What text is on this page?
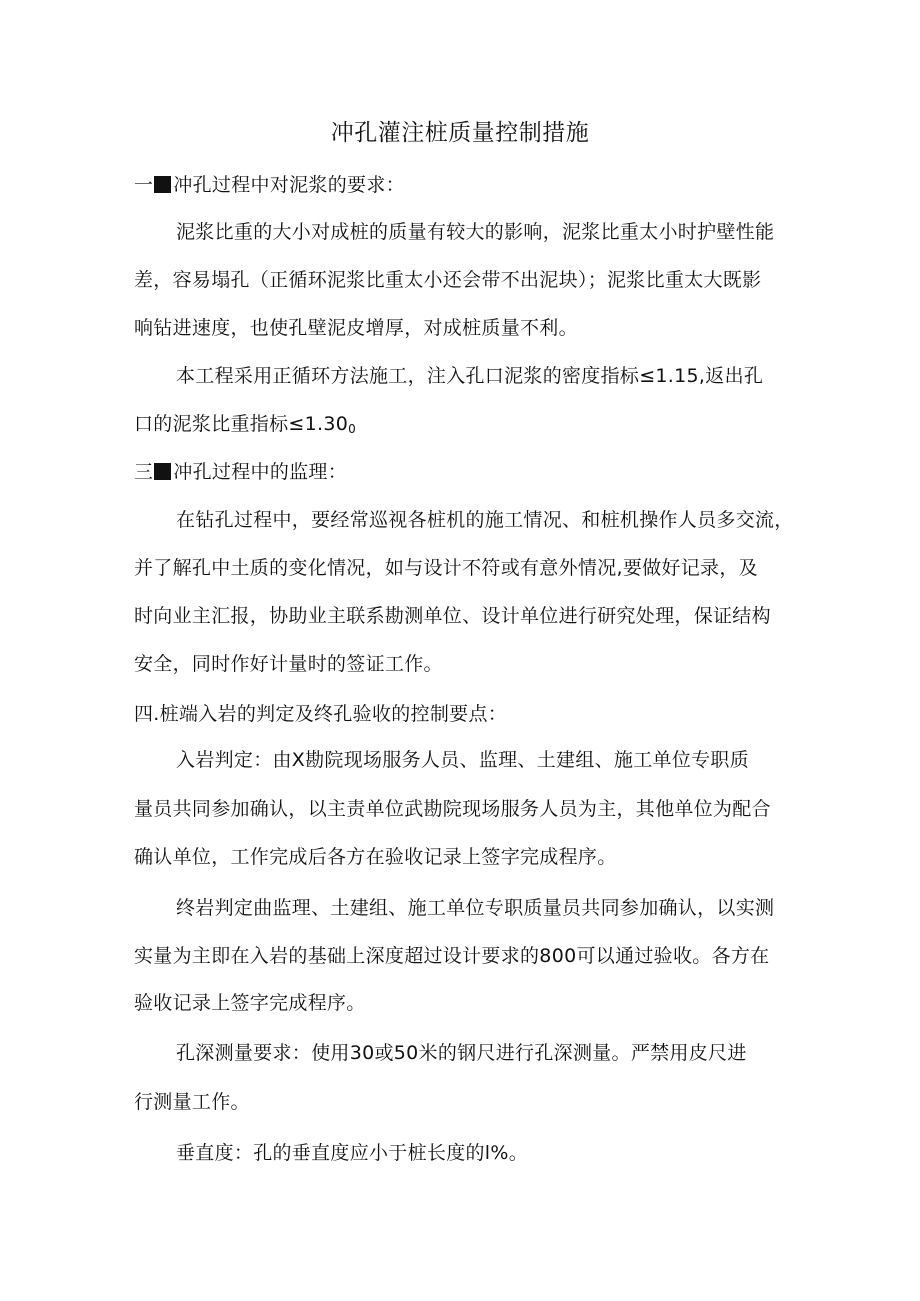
冲孔灌注桩质量控制措施
一 冲孔过程中对泥浆的要求：
泥浆比重的大小对成桩的质量有较大的影响，泥浆比重太小时护壁性能
差，容易塌孔（正循环泥浆比重太小还会带不出泥块）；泥浆比重太大既影
响钻进速度，也使孔壁泥皮增厚，对成桩质量不利。
本工程采用正循环方法施工，注入孔口泥浆的密度指标≤1.15,返出孔
口的泥浆比重指标$\le 1.30_0$
三 冲孔过程中的监理：
在钻孔过程中，要经常巡视各桩机的施工情况、和桩机操作人员多交流，
并了解孔中土质的变化情况，如与设计不符或有意外情况,要做好记录，及
时向业主汇报，协助业主联系勘测单位、设计单位进行研究处理，保证结构
安全，同时作好计量时的签证工作。
四.桩端入岩的判定及终孔验收的控制要点：
入岩判定：由X勘院现场服务人员、监理、土建组、施工单位专职质
量员共同参加确认，以主责单位武勘院现场服务人员为主，其他单位为配合
确认单位，工作完成后各方在验收记录上签字完成程序。
终岩判定曲监理、土建组、施工单位专职质量员共同参加确认，以实测
实量为主即在入岩的基础上深度超过设计要求的800可以通过验收。各方在
验收记录上签字完成程序。
孔深测量要求：使用30或50米的钢尺进行孔深测量。严禁用皮尺进
行测量工作。
垂直度：孔的垂直度应小于桩长度的l%。
